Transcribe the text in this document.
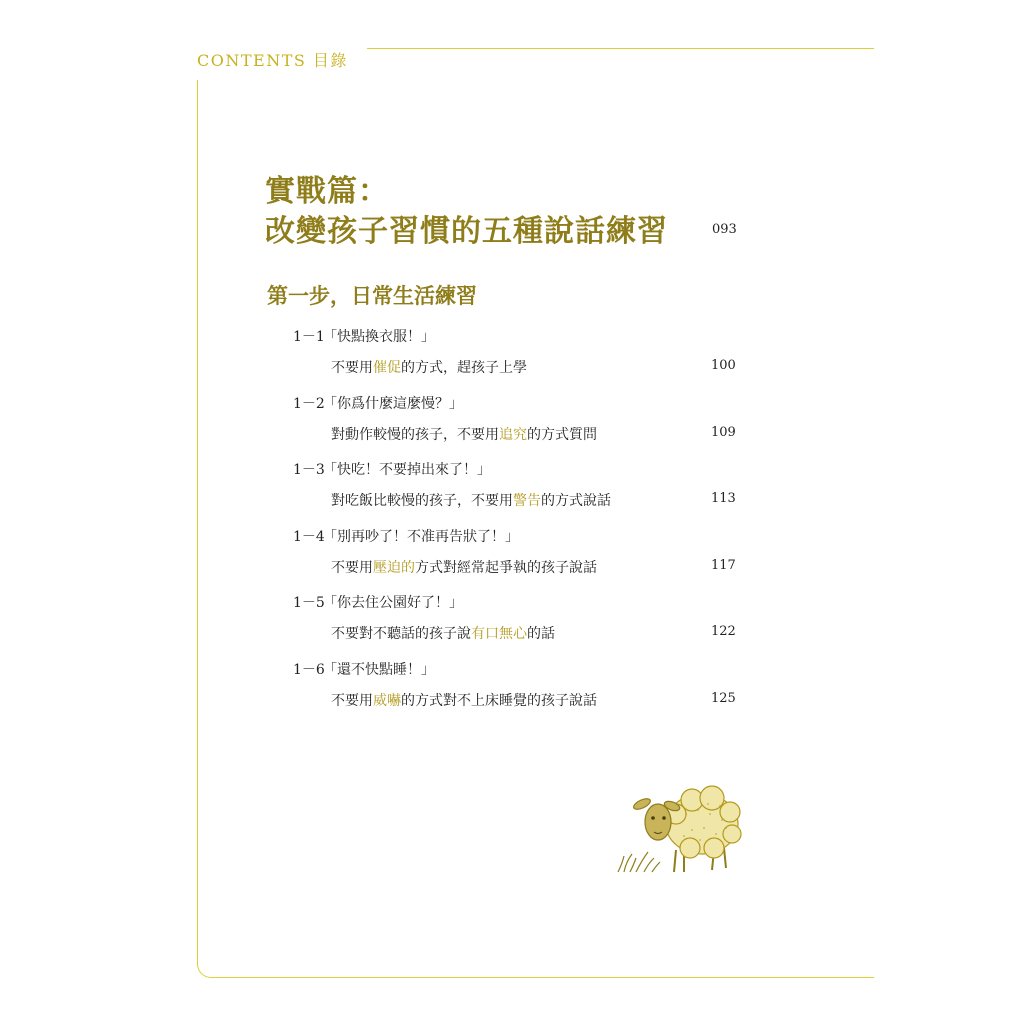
CONTENTS 目錄
實戰篇：
改變孩子習慣的五種說話練習	093
第一步，日常生活練習
1－1
「快點換衣服！」
不要用催促的方式，趕孩子上學	100
1－2
「你爲什麼這麼慢？」
對動作較慢的孩子，不要用追究的方式質問	109
1－3
「快吃！不要掉出來了！」
對吃飯比較慢的孩子，不要用警告的方式說話	113
1－4
「別再吵了！不准再告狀了！」
不要用壓迫的方式對經常起爭執的孩子說話	117
1－5
「你去住公園好了！」
不要對不聽話的孩子說有口無心的話	122
1－6
「還不快點睡！」
不要用威嚇的方式對不上床睡覺的孩子說話	125
